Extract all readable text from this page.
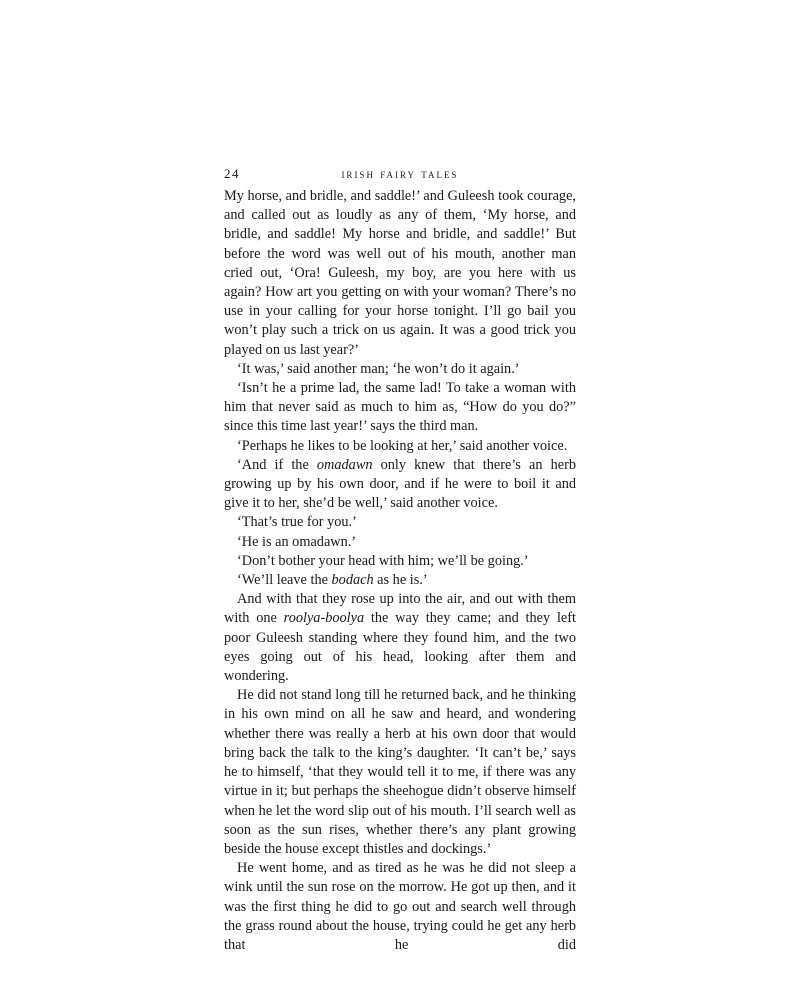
24	irish fairy tales

My horse, and bridle, and saddle!’ and Guleesh took courage, and called out as loudly as any of them, ‘My horse, and bridle, and saddle! My horse and bridle, and saddle!’ But before the word was well out of his mouth, another man cried out, ‘Ora! Guleesh, my boy, are you here with us again? How art you getting on with your woman? There’s no use in your calling for your horse tonight. I’ll go bail you won’t play such a trick on us again. It was a good trick you played on us last year?’

‘It was,’ said another man; ‘he won’t do it again.’

‘Isn’t he a prime lad, the same lad! To take a woman with him that never said as much to him as, “How do you do?” since this time last year!’ says the third man.

‘Perhaps he likes to be looking at her,’ said another voice.

‘And if the omadawn only knew that there’s an herb growing up by his own door, and if he were to boil it and give it to her, she’d be well,’ said another voice.

‘That’s true for you.’

‘He is an omadawn.’

‘Don’t bother your head with him; we’ll be going.’

‘We’ll leave the bodach as he is.’

And with that they rose up into the air, and out with them with one roolya-boolya the way they came; and they left poor Guleesh standing where they found him, and the two eyes going out of his head, looking after them and wondering.

He did not stand long till he returned back, and he thinking in his own mind on all he saw and heard, and wondering whether there was really a herb at his own door that would bring back the talk to the king’s daughter. ‘It can’t be,’ says he to himself, ‘that they would tell it to me, if there was any virtue in it; but perhaps the sheehogue didn’t observe himself when he let the word slip out of his mouth. I’ll search well as soon as the sun rises, whether there’s any plant growing beside the house except thistles and dockings.’

He went home, and as tired as he was he did not sleep a wink until the sun rose on the morrow. He got up then, and it was the first thing he did to go out and search well through the grass round about the house, trying could he get any herb that he did
